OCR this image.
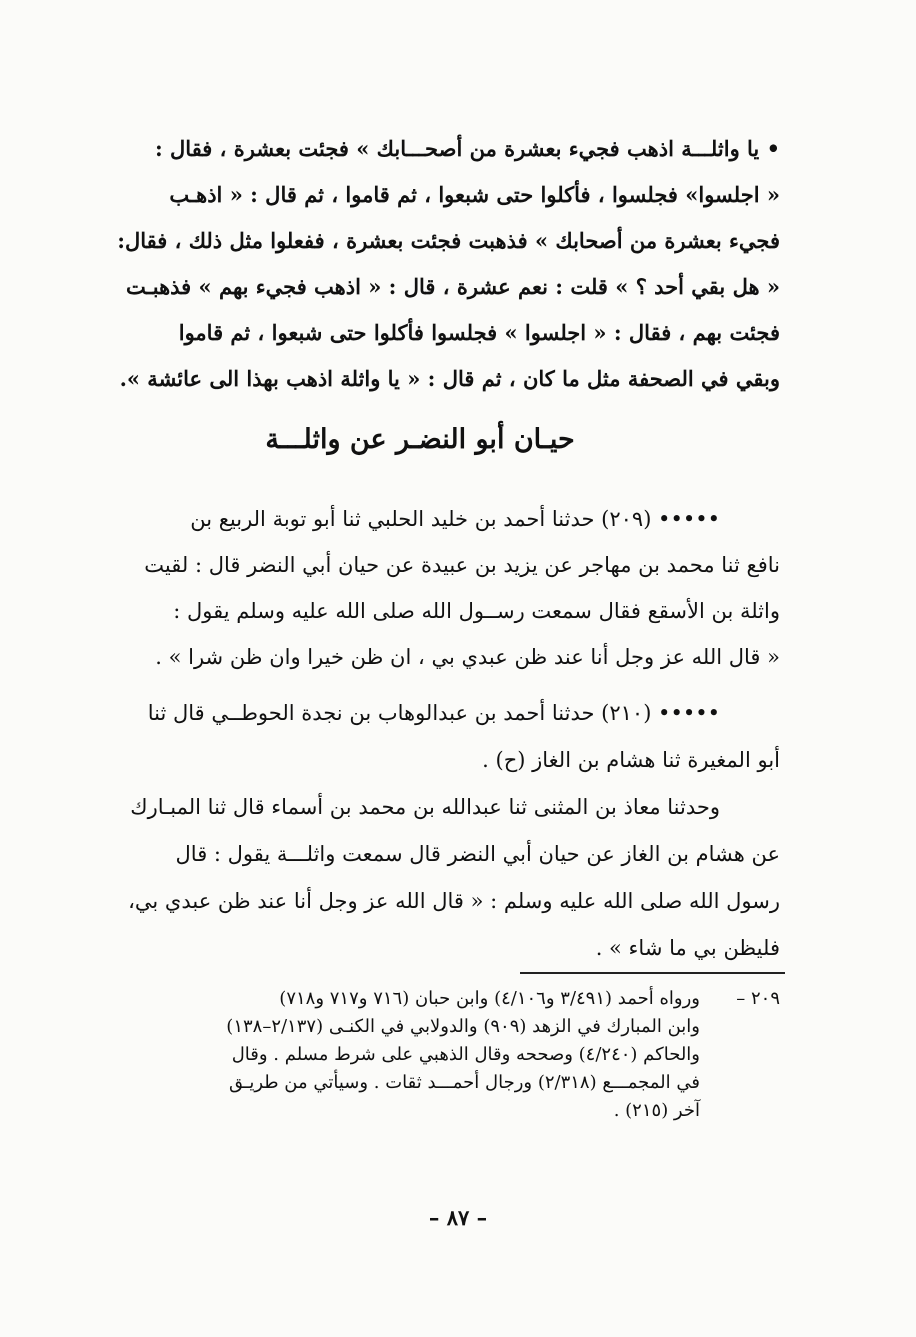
• يا واثلـــة اذهب فجيء بعشرة من أصحـــابك » فجئت بعشرة ، فقال :

« اجلسوا» فجلسوا ، فأكلوا حتى شبعوا ، ثم قاموا ، ثم قال : « اذهـب

فجيء بعشرة من أصحابك » فذهبت فجئت بعشرة ، ففعلوا مثل ذلك ، فقال:

« هل بقي أحد ؟ » قلت : نعم عشرة ، قال : « اذهب فجيء بهم » فذهبـت

فجئت بهم ، فقال : « اجلسوا » فجلسوا فأكلوا حتى شبعوا ، ثم قاموا

وبقي في الصحفة مثل ما كان ، ثم قال : « يا واثلة اذهب بهذا الى عائشة ».

حيـان أبو النضـر عن واثلـــة

••••• (٢٠٩) حدثنا أحمد بن خليد الحلبي ثنا أبو توبة الربيع بن

نافع ثنا محمد بن مهاجر عن يزيد بن عبيدة عن حيان أبي النضر قال : لقيت

واثلة بن الأسقع فقال سمعت رســول الله صلى الله عليه وسلم يقول :

« قال الله عز وجل أنا عند ظن عبدي بي ، ان ظن خيرا وان ظن شرا » .

••••• (٢١٠) حدثنا أحمد بن عبدالوهاب بن نجدة الحوطــي قال ثنا

أبو المغيرة ثنا هشام بن الغاز (ح) .

وحدثنا معاذ بن المثنى ثنا عبدالله بن محمد بن أسماء قال ثنا المبـارك

عن هشام بن الغاز عن حيان أبي النضر قال سمعت واثلـــة يقول : قال

رسول الله صلى الله عليه وسلم : « قال الله عز وجل أنا عند ظن عبدي بي،

فليظن بي ما شاء » .

٢٠٩ –
ورواه أحمد (٣/٤٩١ و٤/١٠٦) وابن حبان (٧١٦ و٧١٧ و٧١٨)
وابن المبارك في الزهد (٩٠٩) والدولابي في الكنـى (٢/١٣٧–١٣٨)
والحاكم (٤/٢٤٠) وصححه وقال الذهبي على شرط مسلم . وقال
في المجمـــع (٢/٣١٨) ورجال أحمـــد ثقات . وسيأتي من طريـق
آخر (٢١٥) .
– ٨٧ –
